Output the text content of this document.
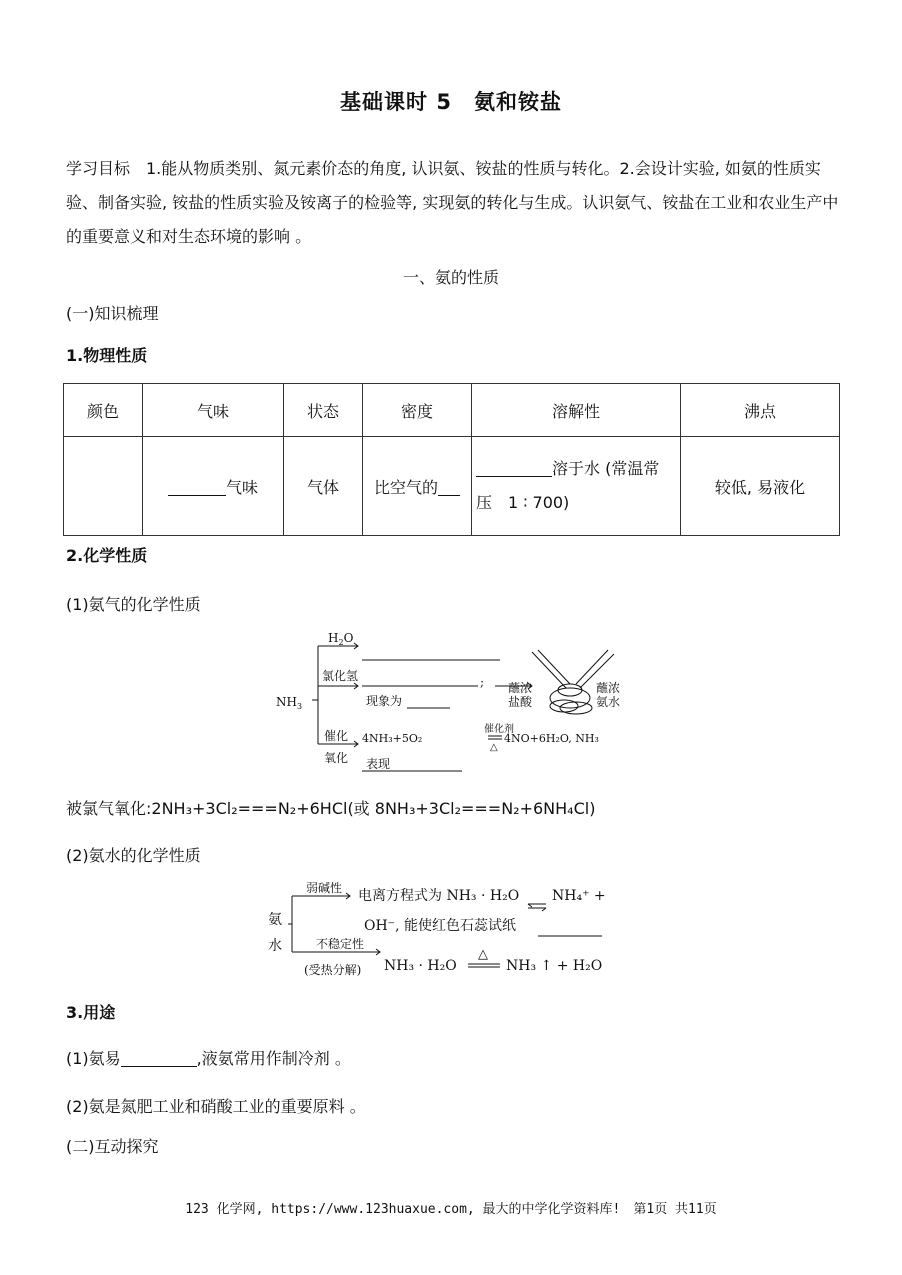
基础课时 5　氨和铵盐
学习目标　1.能从物质类别、氮元素价态的角度, 认识氨、铵盐的性质与转化。2.会设计实验, 如氨的性质实验、制备实验, 铵盐的性质实验及铵离子的检验等, 实现氨的转化与生成。认识氨气、铵盐在工业和农业生产中的重要意义和对生态环境的影响 。
一、氨的性质
(一)知识梳理
1.物理性质
颜色	气味	状态	密度	溶解性	沸点
	气味	气体	比空气的	溶于水 (常温常
压　1 ∶ 700)	较低, 易液化
2.化学性质
(1)氨气的化学性质
$NH_3$
$H_2O$
氯化氢
现象为
; 蘸浓
盐酸
蘸浓
氨水
催化
氧化
4NH₃+5O₂
催化剂
△
4NO+6H₂O, NH₃
表现
被氯气氧化:2NH₃+3Cl₂===N₂+6HCl(或 8NH₃+3Cl₂===N₂+6NH₄Cl)
(2)氨水的化学性质
氨
水
弱碱性 电离方程式为 NH₃ · H₂O NH₄⁺ +
OH⁻, 能使红色石蕊试纸
不稳定性
(受热分解) NH₃ · H₂O
△
NH₃ ↑ + H₂O
3.用途
(1)氨易	,液氨常用作制冷剂 。
(2)氨是氮肥工业和硝酸工业的重要原料 。
(二)互动探究
123 化学网, https://www.123huaxue.com, 最大的中学化学资料库!　第1页 共11页
